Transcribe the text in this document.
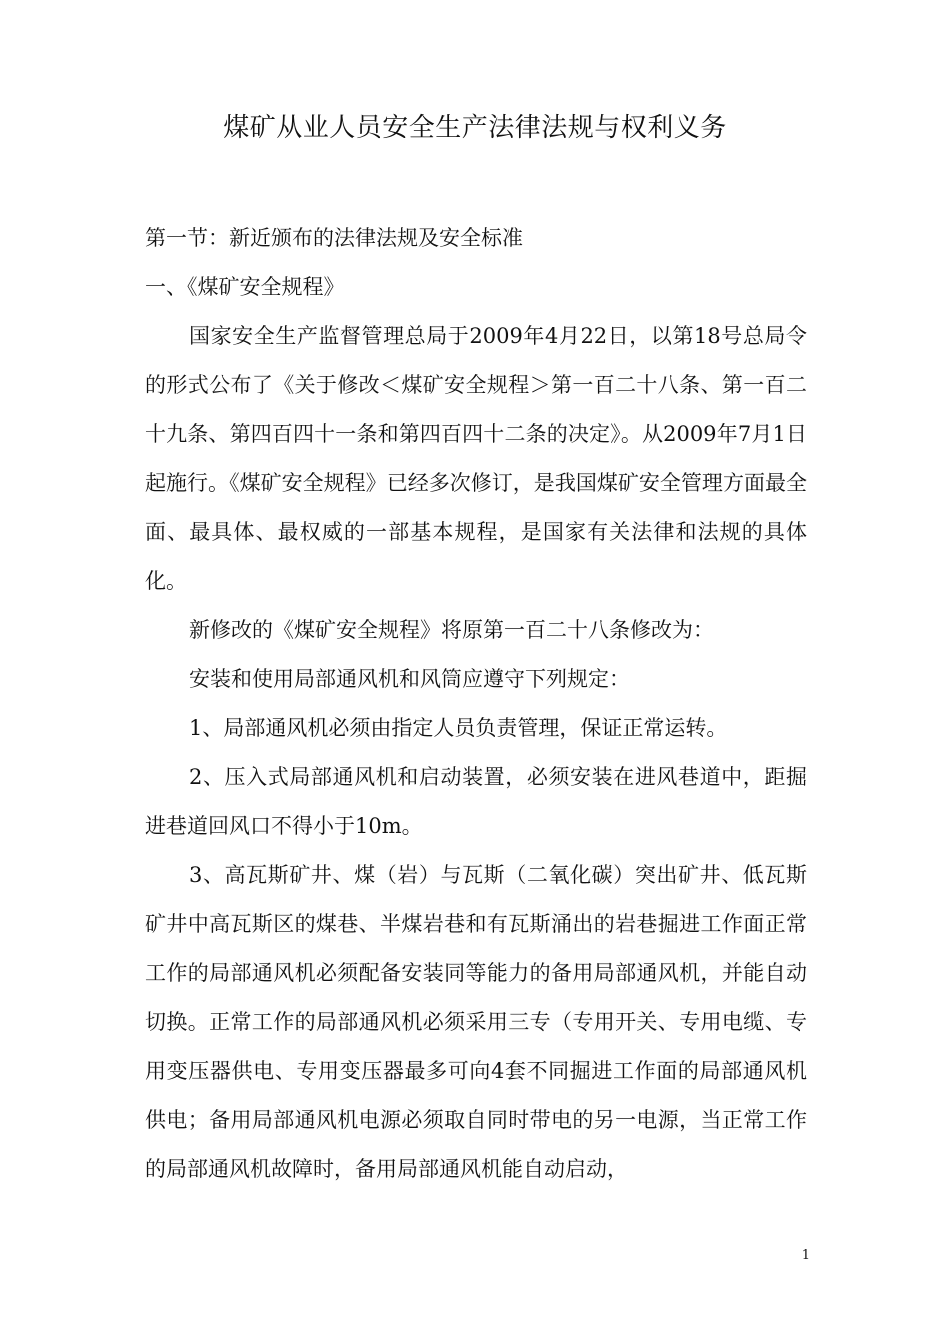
煤矿从业人员安全生产法律法规与权利义务

第一节：新近颁布的法律法规及安全标准

一、《煤矿安全规程》

国家安全生产监督管理总局于2009年4月22日，以第18号总局令的形式公布了《关于修改＜煤矿安全规程＞第一百二十八条、第一百二十九条、第四百四十一条和第四百四十二条的决定》。从2009年7月1日起施行。《煤矿安全规程》已经多次修订，是我国煤矿安全管理方面最全面、最具体、最权威的一部基本规程，是国家有关法律和法规的具体化。

新修改的《煤矿安全规程》将原第一百二十八条修改为：

安装和使用局部通风机和风筒应遵守下列规定：

1、局部通风机必须由指定人员负责管理，保证正常运转。

2、压入式局部通风机和启动装置，必须安装在进风巷道中，距掘进巷道回风口不得小于10m。

3、高瓦斯矿井、煤（岩）与瓦斯（二氧化碳）突出矿井、低瓦斯矿井中高瓦斯区的煤巷、半煤岩巷和有瓦斯涌出的岩巷掘进工作面正常工作的局部通风机必须配备安装同等能力的备用局部通风机，并能自动切换。正常工作的局部通风机必须采用三专（专用开关、专用电缆、专用变压器供电、专用变压器最多可向4套不同掘进工作面的局部通风机供电；备用局部通风机电源必须取自同时带电的另一电源，当正常工作的局部通风机故障时，备用局部通风机能自动启动，

1
